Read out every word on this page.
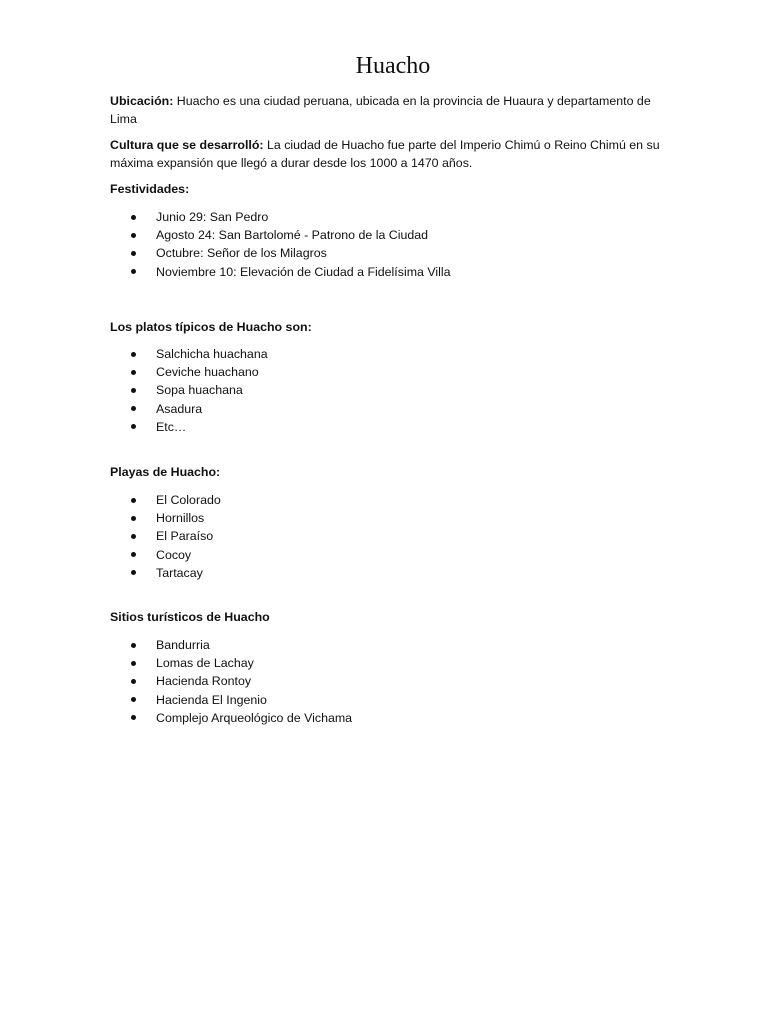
Huacho
Ubicación: Huacho es una ciudad peruana, ubicada en la provincia de Huaura y departamento de Lima
Cultura que se desarrolló: La ciudad de Huacho fue parte del Imperio Chimú o Reino Chimú en su máxima expansión que llegó a durar desde los 1000 a 1470 años.
Festividades:
Junio 29: San Pedro
Agosto 24: San Bartolomé - Patrono de la Ciudad
Octubre: Señor de los Milagros
Noviembre 10: Elevación de Ciudad a Fidelísima Villa
Los platos típicos de Huacho son:
Salchicha huachana
Ceviche huachano
Sopa huachana
Asadura
Etc…
Playas de Huacho:
El Colorado
Hornillos
El Paraíso
Cocoy
Tartacay
Sitios turísticos de Huacho
Bandurria
Lomas de Lachay
Hacienda Rontoy
Hacienda El Ingenio
Complejo Arqueológico de Vichama
